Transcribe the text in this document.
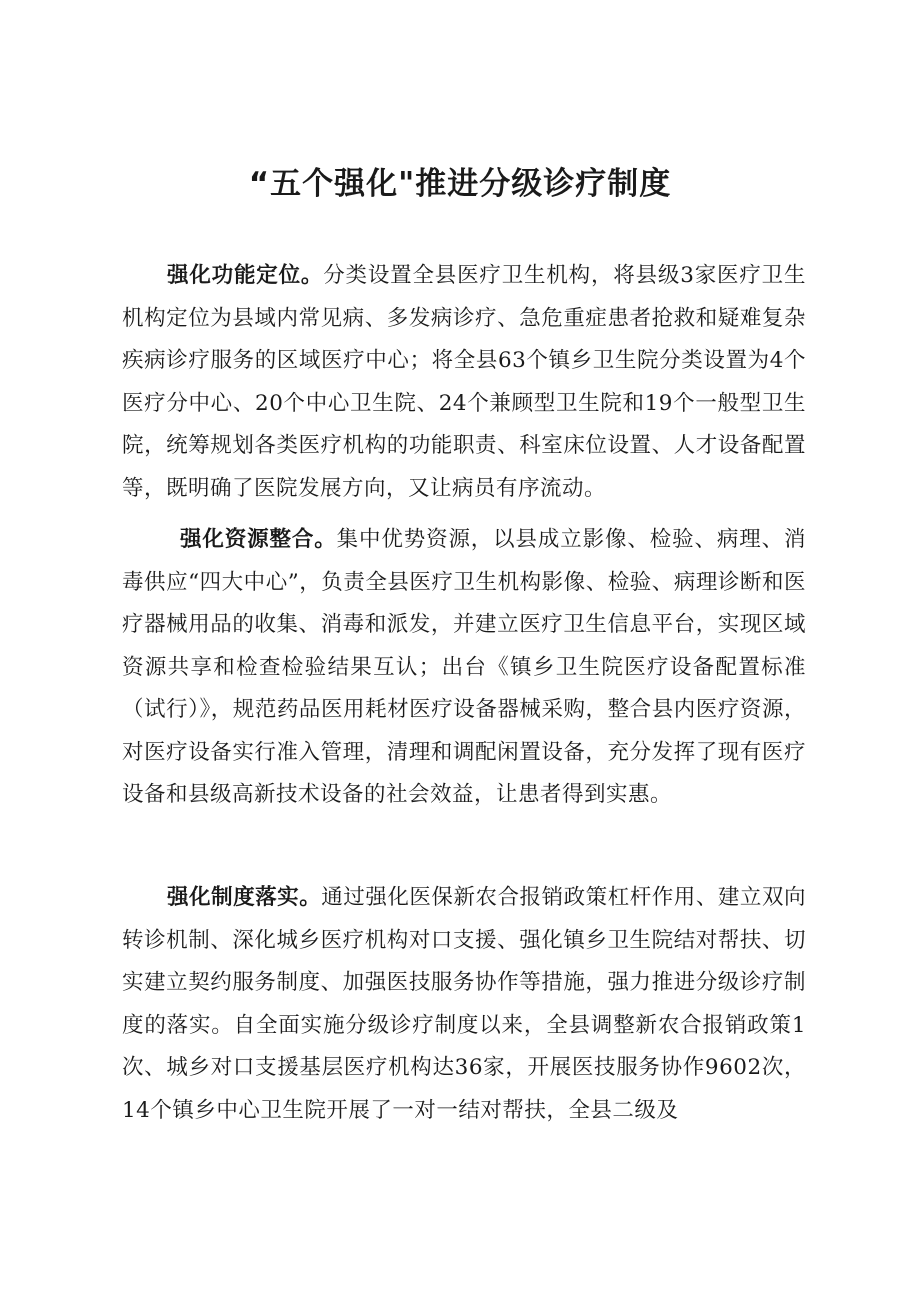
“五个强化"推进分级诊疗制度

强化功能定位。分类设置全县医疗卫生机构，将县级3家医疗卫生机构定位为县域内常见病、多发病诊疗、急危重症患者抢救和疑难复杂疾病诊疗服务的区域医疗中心；将全县63个镇乡卫生院分类设置为4个医疗分中心、20个中心卫生院、24个兼顾型卫生院和19个一般型卫生院，统筹规划各类医疗机构的功能职责、科室床位设置、人才设备配置等，既明确了医院发展方向，又让病员有序流动。

强化资源整合。集中优势资源，以县成立影像、检验、病理、消毒供应“四大中心”，负责全县医疗卫生机构影像、检验、病理诊断和医疗器械用品的收集、消毒和派发，并建立医疗卫生信息平台，实现区域资源共享和检查检验结果互认；出台《镇乡卫生院医疗设备配置标准（试行）》，规范药品医用耗材医疗设备器械采购，整合县内医疗资源，对医疗设备实行准入管理，清理和调配闲置设备，充分发挥了现有医疗设备和县级高新技术设备的社会效益，让患者得到实惠。

强化制度落实。通过强化医保新农合报销政策杠杆作用、建立双向转诊机制、深化城乡医疗机构对口支援、强化镇乡卫生院结对帮扶、切实建立契约服务制度、加强医技服务协作等措施，强力推进分级诊疗制度的落实。自全面实施分级诊疗制度以来，全县调整新农合报销政策1次、城乡对口支援基层医疗机构达36家，开展医技服务协作9602次，14个镇乡中心卫生院开展了一对一结对帮扶，全县二级及
